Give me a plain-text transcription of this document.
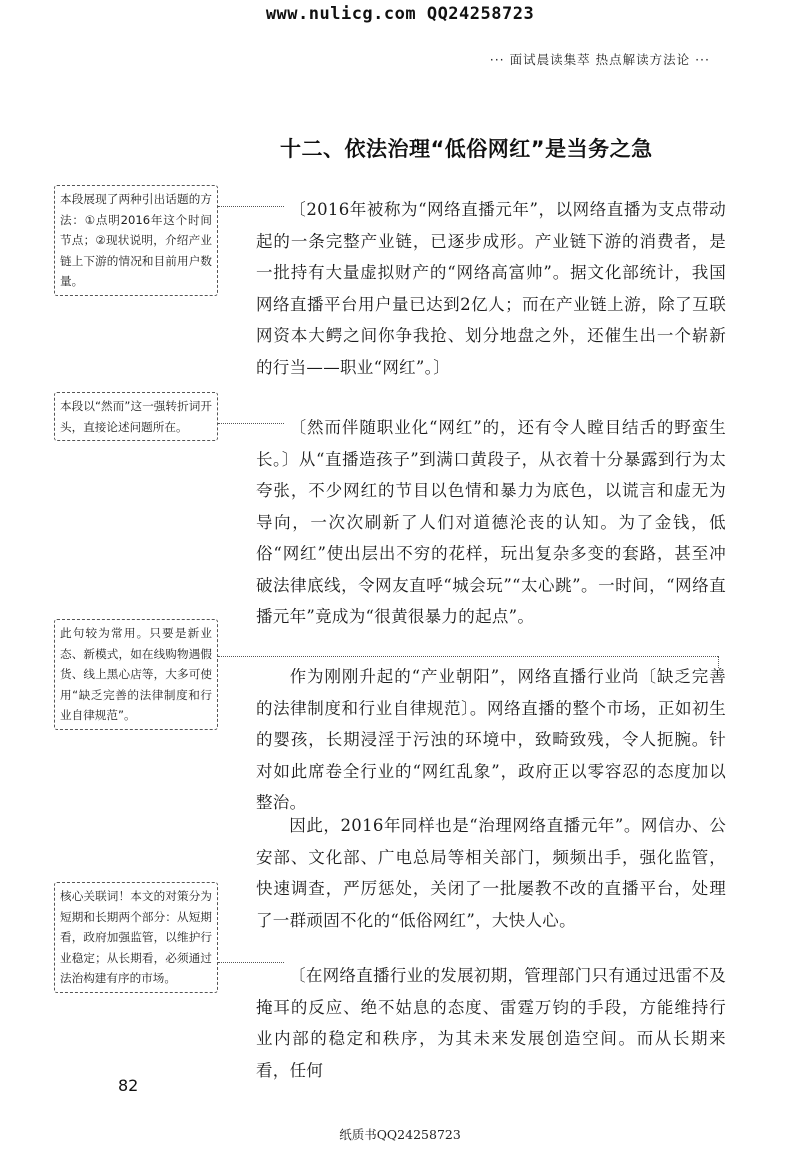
www.nulicg.com QQ24258723
··· 面试晨读集萃 热点解读方法论 ···
十二、依法治理“低俗网红”是当务之急
〔2016年被称为“网络直播元年”，以网络直播为支点带动起的一条完整产业链，已逐步成形。产业链下游的消费者，是一批持有大量虚拟财产的“网络高富帅”。据文化部统计，我国网络直播平台用户量已达到2亿人；而在产业链上游，除了互联网资本大鳄之间你争我抢、划分地盘之外，还催生出一个崭新的行当——职业“网红”。〕
〔然而伴随职业化“网红”的，还有令人瞠目结舌的野蛮生长。〕从“直播造孩子”到满口黄段子，从衣着十分暴露到行为太夸张，不少网红的节目以色情和暴力为底色，以谎言和虚无为导向，一次次刷新了人们对道德沦丧的认知。为了金钱，低俗“网红”使出层出不穷的花样，玩出复杂多变的套路，甚至冲破法律底线，令网友直呼“城会玩”“太心跳”。一时间，“网络直播元年”竟成为“很黄很暴力的起点”。
作为刚刚升起的“产业朝阳”，网络直播行业尚〔缺乏完善的法律制度和行业自律规范〕。网络直播的整个市场，正如初生的婴孩，长期浸淫于污浊的环境中，致畸致残，令人扼腕。针对如此席卷全行业的“网红乱象”，政府正以零容忍的态度加以整治。
因此，2016年同样也是“治理网络直播元年”。网信办、公安部、文化部、广电总局等相关部门，频频出手，强化监管，快速调查，严厉惩处，关闭了一批屡教不改的直播平台，处理了一群顽固不化的“低俗网红”，大快人心。
〔在网络直播行业的发展初期，管理部门只有通过迅雷不及掩耳的反应、绝不姑息的态度、雷霆万钧的手段，方能维持行业内部的稳定和秩序，为其未来发展创造空间。而从长期来看，任何
本段展现了两种引出话题的方法：①点明2016年这个时间节点；②现状说明，介绍产业链上下游的情况和目前用户数量。
本段以“然而”这一强转折词开头，直接论述问题所在。
此句较为常用。只要是新业态、新模式，如在线购物遇假货、线上黑心店等，大多可使用“缺乏完善的法律制度和行业自律规范”。
核心关联词！本文的对策分为短期和长期两个部分：从短期看，政府加强监管，以维护行业稳定；从长期看，必须通过法治构建有序的市场。
82
纸质书QQ24258723
